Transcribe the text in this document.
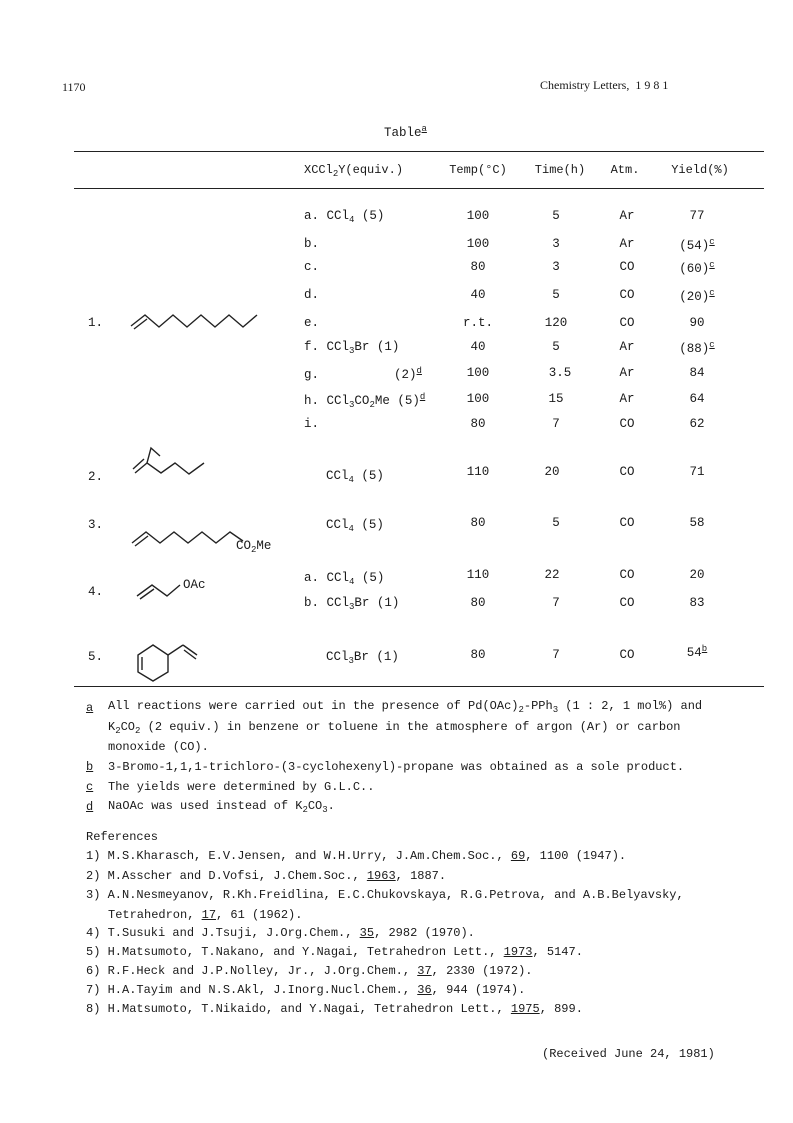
1170	Chemistry Letters, 1 9 8 1
Table$^a$
XCCl$_2$Y(equiv.)	Temp(°C) Time(h) Atm.	Yield(%)
1.
2.
3.
4.
5.
$CO_2Me$
OAc
a. CCl$_4$ (5)	100	5	Ar	77
b.	100	3	Ar	$(54)^c$
c.	80	3	CO	$(60)^c$
d.	40	5	CO	$(20)^c$
e.	r.t.	120	CO	90
f. CCl$_3$Br (1)	40	5	Ar	$(88)^c$
g.          $(2)^d$	100	3.5	Ar	84
h. $CCl_3CO_2Me$ $(5)^d$	100	15	Ar	64
i.	80	7	CO	62
CCl$_4$ (5)	110	20	CO	71
CCl$_4$ (5)	80	5	CO	58
a. CCl$_4$ (5)	110	22	CO	20
b. CCl$_3$Br (1)	80	7	CO	83
CCl$_3$Br (1)	80	7	CO	54$^b$
a All reactions were carried out in the presence of $Pd(OAc)_2-PPh_3$ (1 : 2, 1 mol%) and
$K_2CO_2$ (2 equiv.) in benzene or toluene in the atmosphere of argon (Ar) or carbon
monoxide (CO).
b 3-Bromo-1,1,1-trichloro-(3-cyclohexenyl)-propane was obtained as a sole product.
c The yields were determined by G.L.C..
d NaOAc was used instead of $K_2CO_3$.
References
1) M.S.Kharasch, E.V.Jensen, and W.H.Urry, J.Am.Chem.Soc., 69, 1100 (1947).
2) M.Asscher and D.Vofsi, J.Chem.Soc., 1963, 1887.
3) A.N.Nesmeyanov, R.Kh.Freidlina, E.C.Chukovskaya, R.G.Petrova, and A.B.Belyavsky,
Tetrahedron, 17, 61 (1962).
4) T.Susuki and J.Tsuji, J.Org.Chem., 35, 2982 (1970).
5) H.Matsumoto, T.Nakano, and Y.Nagai, Tetrahedron Lett., 1973, 5147.
6) R.F.Heck and J.P.Nolley, Jr., J.Org.Chem., 37, 2330 (1972).
7) H.A.Tayim and N.S.Akl, J.Inorg.Nucl.Chem., 36, 944 (1974).
8) H.Matsumoto, T.Nikaido, and Y.Nagai, Tetrahedron Lett., 1975, 899.
(Received June 24, 1981)
